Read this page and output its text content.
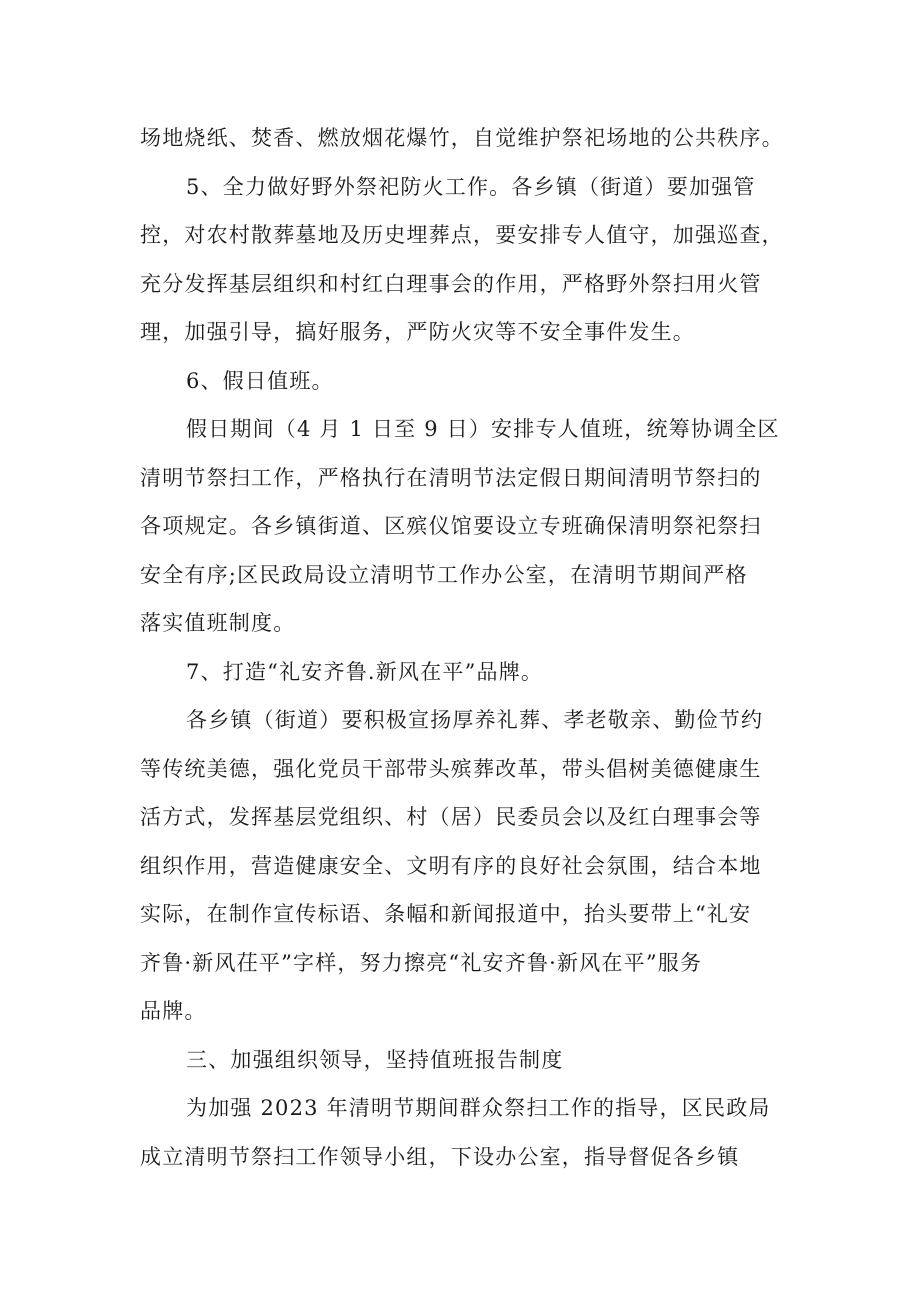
场地烧纸、焚香、燃放烟花爆竹，自觉维护祭祀场地的公共秩序。
5、全力做好野外祭祀防火工作。各乡镇（街道）要加强管
控，对农村散葬墓地及历史埋葬点，要安排专人值守，加强巡查，
充分发挥基层组织和村红白理事会的作用，严格野外祭扫用火管
理，加强引导，搞好服务，严防火灾等不安全事件发生。
6、假日值班。
假日期间（4 月 1 日至 9 日）安排专人值班，统筹协调全区
清明节祭扫工作，严格执行在清明节法定假日期间清明节祭扫的
各项规定。各乡镇街道、区殡仪馆要设立专班确保清明祭祀祭扫
安全有序;区民政局设立清明节工作办公室，在清明节期间严格
落实值班制度。
7、打造“礼安齐鲁.新风在平”品牌。
各乡镇（街道）要积极宣扬厚养礼葬、孝老敬亲、勤俭节约
等传统美德，强化党员干部带头殡葬改革，带头倡树美德健康生
活方式，发挥基层党组织、村（居）民委员会以及红白理事会等
组织作用，营造健康安全、文明有序的良好社会氛围，结合本地
实际，在制作宣传标语、条幅和新闻报道中，抬头要带上“礼安
齐鲁·新风茌平”字样，努力擦亮“礼安齐鲁·新风在平”服务
品牌。
三、加强组织领导，坚持值班报告制度
为加强 2023 年清明节期间群众祭扫工作的指导，区民政局
成立清明节祭扫工作领导小组，下设办公室，指导督促各乡镇
